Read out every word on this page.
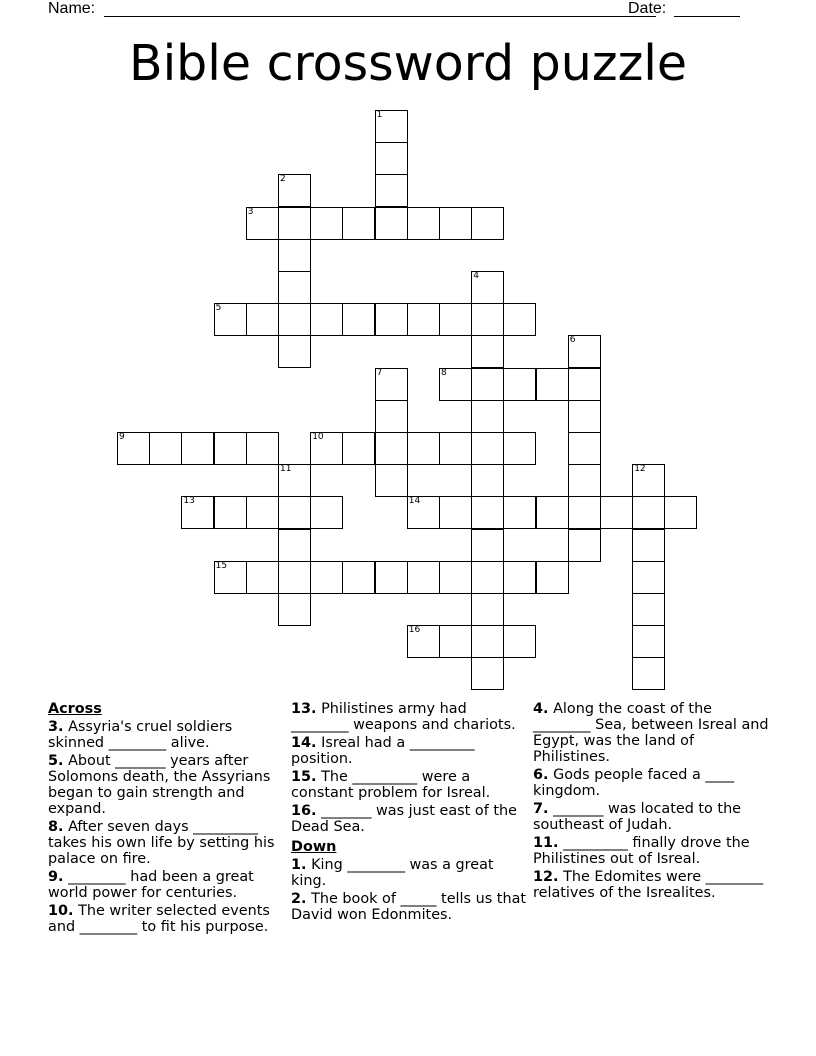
Name:	Date:
Bible crossword puzzle
1
2
3
4
5
6
7	8
9	10
11	12
13	14
15
16

Across

3. Assyria's cruel soldiers skinned ________ alive.

5. About _______ years after Solomons death, the Assyrians began to gain strength and expand.

8. After seven days _________ takes his own life by setting his palace on fire.

9. ________ had been a great world power for centuries.

10. The writer selected events and ________ to fit his purpose.

13. Philistines army had ________ weapons and chariots.

14. Isreal had a _________ position.

15. The _________ were a constant problem for Isreal.

16. _______ was just east of the Dead Sea.

Down

1. King ________ was a great king.

2. The book of _____ tells us that David won Edonmites.

4. Along the coast of the ________ Sea, between Isreal and Egypt, was the land of Philistines.

6. Gods people faced a ____ kingdom.

7. _______ was located to the southeast of Judah.

11. _________ finally drove the Philistines out of Isreal.

12. The Edomites were ________ relatives of the Isrealites.
